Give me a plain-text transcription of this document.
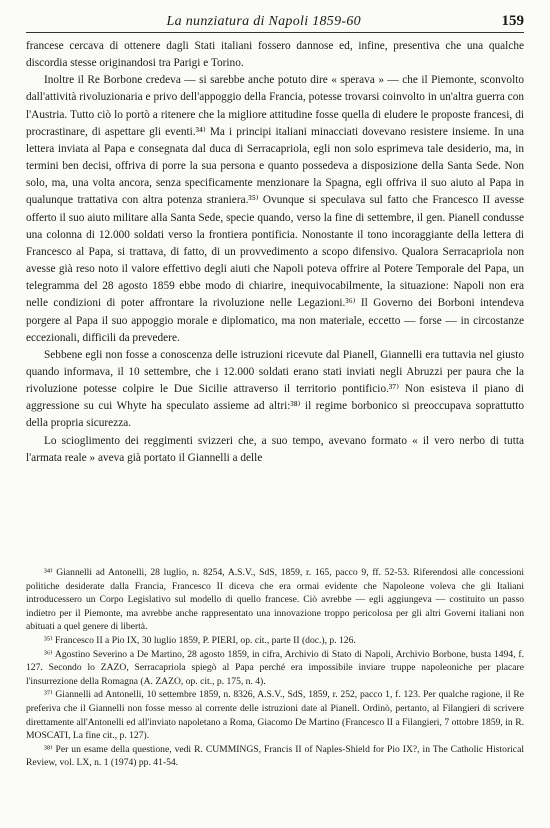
La nunziatura di Napoli 1859-60	159

francese cercava di ottenere dagli Stati italiani fossero dannose ed, infine, presentiva che una qualche discordia stesse originandosi tra Parigi e Torino.

Inoltre il Re Borbone credeva — si sarebbe anche potuto dire « sperava » — che il Piemonte, sconvolto dall'attività rivoluzionaria e privo dell'appoggio della Francia, potesse trovarsi coinvolto in un'altra guerra con l'Austria. Tutto ciò lo portò a ritenere che la migliore attitudine fosse quella di eludere le proposte francesi, di procrastinare, di aspettare gli eventi.³⁴⁾ Ma i principi italiani minacciati dovevano resistere insieme. In una lettera inviata al Papa e consegnata dal duca di Serracapriola, egli non solo esprimeva tale desiderio, ma, in termini ben decisi, offriva di porre la sua persona e quanto possedeva a disposizione della Santa Sede. Non solo, ma, una volta ancora, senza specificamente menzionare la Spagna, egli offriva il suo aiuto al Papa in qualunque trattativa con altra potenza straniera.³⁵⁾ Ovunque si speculava sul fatto che Francesco II avesse offerto il suo aiuto militare alla Santa Sede, specie quando, verso la fine di settembre, il gen. Pianell condusse una colonna di 12.000 soldati verso la frontiera pontificia. Nonostante il tono incoraggiante della lettera di Francesco al Papa, si trattava, di fatto, di un provvedimento a scopo difensivo. Qualora Serracapriola non avesse già reso noto il valore effettivo degli aiuti che Napoli poteva offrire al Potere Temporale del Papa, un telegramma del 28 agosto 1859 ebbe modo di chiarire, inequivocabilmente, la situazione: Napoli non era nelle condizioni di poter affrontare la rivoluzione nelle Legazioni.³⁶⁾ Il Governo dei Borboni intendeva porgere al Papa il suo appoggio morale e diplomatico, ma non materiale, eccetto — forse — in circostanze eccezionali, difficili da prevedere.

Sebbene egli non fosse a conoscenza delle istruzioni ricevute dal Pianell, Giannelli era tuttavia nel giusto quando informava, il 10 settembre, che i 12.000 soldati erano stati inviati negli Abruzzi per paura che la rivoluzione potesse colpire le Due Sicilie attraverso il territorio pontificio.³⁷⁾ Non esisteva il piano di aggressione su cui Whyte ha speculato assieme ad altri:³⁸⁾ il regime borbonico si preoccupava soprattutto della propria sicurezza.

Lo scioglimento dei reggimenti svizzeri che, a suo tempo, avevano formato « il vero nerbo di tutta l'armata reale » aveva già portato il Giannelli a delle

³⁴⁾ Giannelli ad Antonelli, 28 luglio, n. 8254, A.S.V., SdS, 1859, r. 165, pacco 9, ff. 52-53. Riferendosi alle concessioni politiche desiderate dalla Francia, Francesco II diceva che era ormai evidente che Napoleone voleva che gli Italiani introducessero un Corpo Legislativo sul modello di quello francese. Ciò avrebbe — egli aggiungeva — costituito un passo indietro per il Piemonte, ma avrebbe anche rappresentato una innovazione troppo pericolosa per gli altri Governi italiani non abituati a quel genere di libertà.

³⁵⁾ Francesco II a Pio IX, 30 luglio 1859, P. PIERI, op. cit., parte II (doc.), p. 126.

³⁶⁾ Agostino Severino a De Martino, 28 agosto 1859, in cifra, Archivio di Stato di Napoli, Archivio Borbone, busta 1494, f. 127. Secondo lo ZAZO, Serracapriola spiegò al Papa perché era impossibile inviare truppe napoleoniche per placare l'insurrezione della Romagna (A. ZAZO, op. cit., p. 175, n. 4).

³⁷⁾ Giannelli ad Antonelli, 10 settembre 1859, n. 8326, A.S.V., SdS, 1859, r. 252, pacco 1, f. 123. Per qualche ragione, il Re preferiva che il Giannelli non fosse messo al corrente delle istruzioni date al Pianell. Ordinò, pertanto, al Filangieri di scrivere direttamente all'Antonelli ed all'inviato napoletano a Roma, Giacomo De Martino (Francesco II a Filangieri, 7 ottobre 1859, in R. MOSCATI, La fine cit., p. 127).

³⁸⁾ Per un esame della questione, vedi R. CUMMINGS, Francis II of Naples-Shield for Pio IX?, in The Catholic Historical Review, vol. LX, n. 1 (1974) pp. 41-54.
